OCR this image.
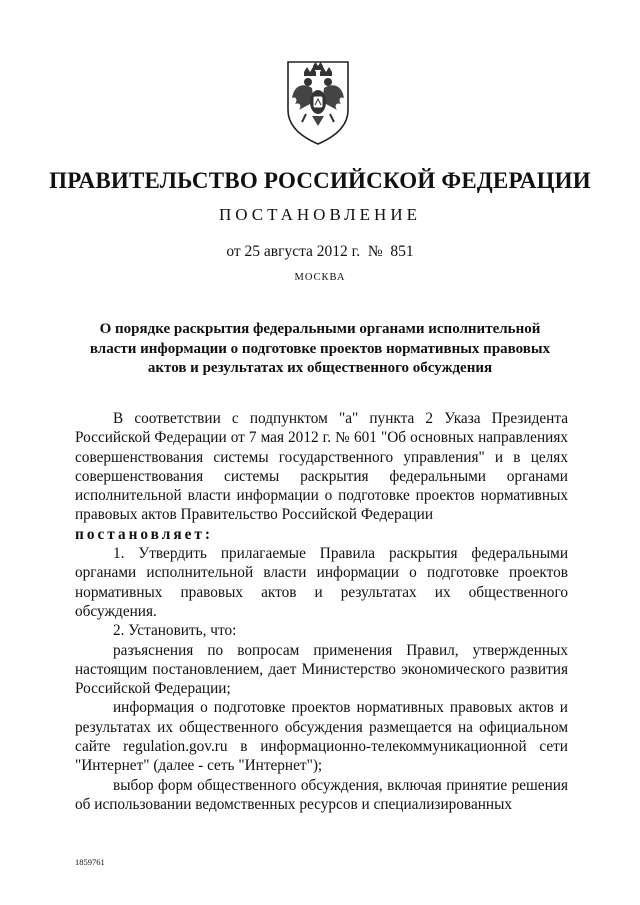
ПРАВИТЕЛЬСТВО РОССИЙСКОЙ ФЕДЕРАЦИИ
ПОСТАНОВЛЕНИЕ
от 25 августа 2012 г.  №  851
МОСКВА
О порядке раскрытия федеральными органами исполнительной власти информации о подготовке проектов нормативных правовых актов и результатах их общественного обсуждения

В соответствии с подпунктом "а" пункта 2 Указа Президента Российской Федерации от 7 мая 2012 г. № 601 "Об основных направлениях совершенствования системы государственного управления" и в целях совершенствования системы раскрытия федеральными органами исполнительной власти информации о подготовке проектов нормативных правовых актов Правительство Российской Федерации

постановляет:

1. Утвердить прилагаемые Правила раскрытия федеральными органами исполнительной власти информации о подготовке проектов нормативных правовых актов и результатах их общественного обсуждения.

2. Установить, что:

разъяснения по вопросам применения Правил, утвержденных настоящим постановлением, дает Министерство экономического развития Российской Федерации;

информация о подготовке проектов нормативных правовых актов и результатах их общественного обсуждения размещается на официальном сайте regulation.gov.ru в информационно-телекоммуникационной сети "Интернет" (далее - сеть "Интернет");

выбор форм общественного обсуждения, включая принятие решения об использовании ведомственных ресурсов и специализированных

1859761
